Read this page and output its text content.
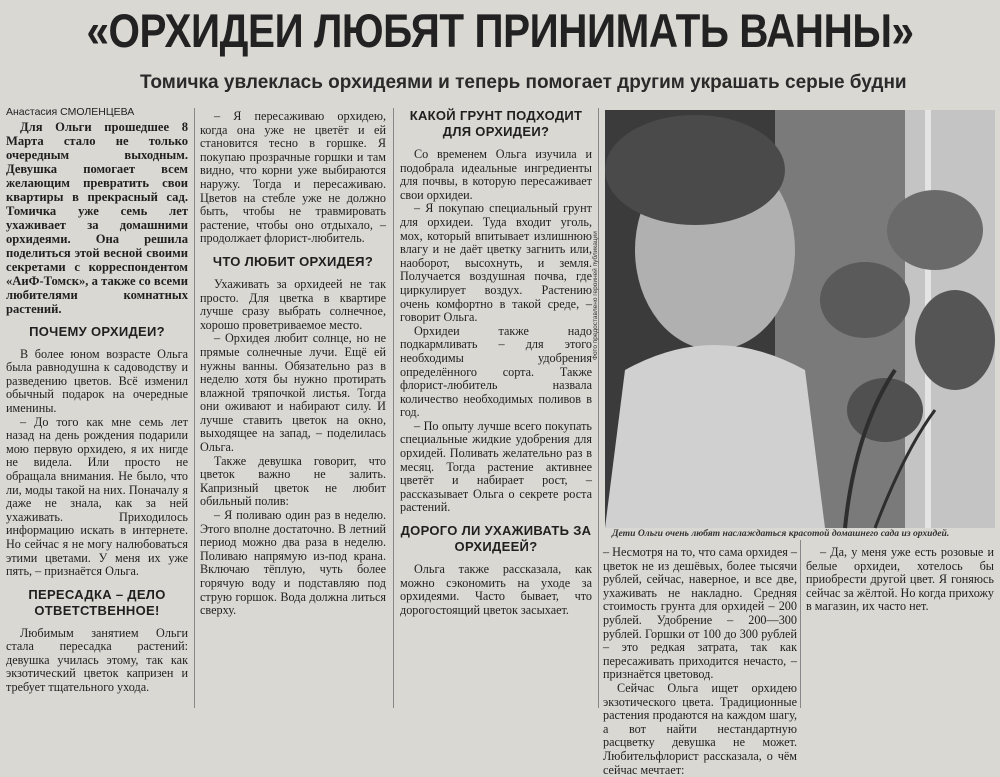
«ОРХИДЕИ ЛЮБЯТ ПРИНИМАТЬ ВАННЫ»
Томичка увлеклась орхидеями и теперь помогает другим украшать серые будни

Анастасия СМОЛЕНЦЕВА

Для Ольги прошедшее 8 Марта стало не только очередным выходным. Девушка помогает всем желающим превратить свои квартиры в прекрасный сад. Томичка уже семь лет ухаживает за домашними орхидеями. Она решила поделиться этой весной своими секретами с корреспондентом «АиФ-Томск», а также со всеми любителями комнатных растений.

ПОЧЕМУ ОРХИДЕИ?

В более юном возрасте Ольга была равнодушна к садоводству и разведению цветов. Всё изменил обычный подарок на очередные именины.

– До того как мне семь лет назад на день рождения подарили мою первую орхидею, я их нигде не видела. Или просто не обращала внимания. Не было, что ли, моды такой на них. Поначалу я даже не знала, как за ней ухаживать. Приходилось информацию искать в интернете. Но сейчас я не могу налюбоваться этими цветами. У меня их уже пять, – признаётся Ольга.

ПЕРЕСАДКА – ДЕЛО ОТВЕТСТВЕННОЕ!

Любимым занятием Ольги стала пересадка растений: девушка училась этому, так как экзотический цветок капризен и требует тщательного ухода.

– Я пересаживаю орхидею, когда она уже не цветёт и ей становится тесно в горшке. Я покупаю прозрачные горшки и там видно, что корни уже выбираются наружу. Тогда и пересаживаю. Цветов на стебле уже не должно быть, чтобы не травмировать растение, чтобы оно отдыхало, – продолжает флорист-любитель.

ЧТО ЛЮБИТ ОРХИДЕЯ?

Ухаживать за орхидеей не так просто. Для цветка в квартире лучше сразу выбрать солнечное, хорошо проветриваемое место.

– Орхидея любит солнце, но не прямые солнечные лучи. Ещё ей нужны ванны. Обязательно раз в неделю хотя бы нужно протирать влажной тряпочкой листья. Тогда они оживают и набирают силу. И лучше ставить цветок на окно, выходящее на запад, – поделилась Ольга.

Также девушка говорит, что цветок важно не залить. Капризный цветок не любит обильный полив:

– Я поливаю один раз в неделю. Этого вполне достаточно. В летний период можно два раза в неделю. Поливаю напрямую из-под крана. Включаю тёплую, чуть более горячую воду и подставляю под струю горшок. Вода должна литься сверху.

КАКОЙ ГРУНТ ПОДХОДИТ ДЛЯ ОРХИДЕИ?

Со временем Ольга изучила и подобрала идеальные ингредиенты для почвы, в которую пересаживает свои орхидеи.

– Я покупаю специальный грунт для орхидеи. Туда входит уголь, мох, который впитывает излишнюю влагу и не даёт цветку загнить или, наоборот, высохнуть, и земля. Получается воздушная почва, где циркулирует воздух. Растению очень комфортно в такой среде, – говорит Ольга.

Орхидеи также надо подкармливать – для этого необходимы удобрения определённого сорта. Также флорист-любитель назвала количество необходимых поливов в год.

– По опыту лучше всего покупать специальные жидкие удобрения для орхидей. Поливать желательно раз в месяц. Тогда растение активнее цветёт и набирает рост, – рассказывает Ольга о секрете роста растений.

ДОРОГО ЛИ УХАЖИВАТЬ ЗА ОРХИДЕЕЙ?

Ольга также рассказала, как можно сэкономить на уходе за орхидеями. Часто бывает, что дорогостоящий цветок засыхает.

Фото предоставлено героиней публикации
Дети Ольги очень любят наслаждаться красотой домашнего сада из орхидей.

– Несмотря на то, что сама орхидея – цветок не из дешёвых, более тысячи рублей, сейчас, наверное, и все две, ухаживать не накладно. Средняя стоимость грунта для орхидей – 200 рублей. Удобрение – 200—300 рублей. Горшки от 100 до 300 рублей – это редкая затрата, так как пересаживать приходится нечасто, – признаётся цветовод.

Сейчас Ольга ищет орхидею экзотического цвета. Традиционные растения продаются на каждом шагу, а вот найти нестандартную расцветку девушка не может. Любительфлорист рассказала, о чём сейчас мечтает:

– Да, у меня уже есть розовые и белые орхидеи, хотелось бы приобрести другой цвет. Я гоняюсь сейчас за жёлтой. Но когда прихожу в магазин, их часто нет.
